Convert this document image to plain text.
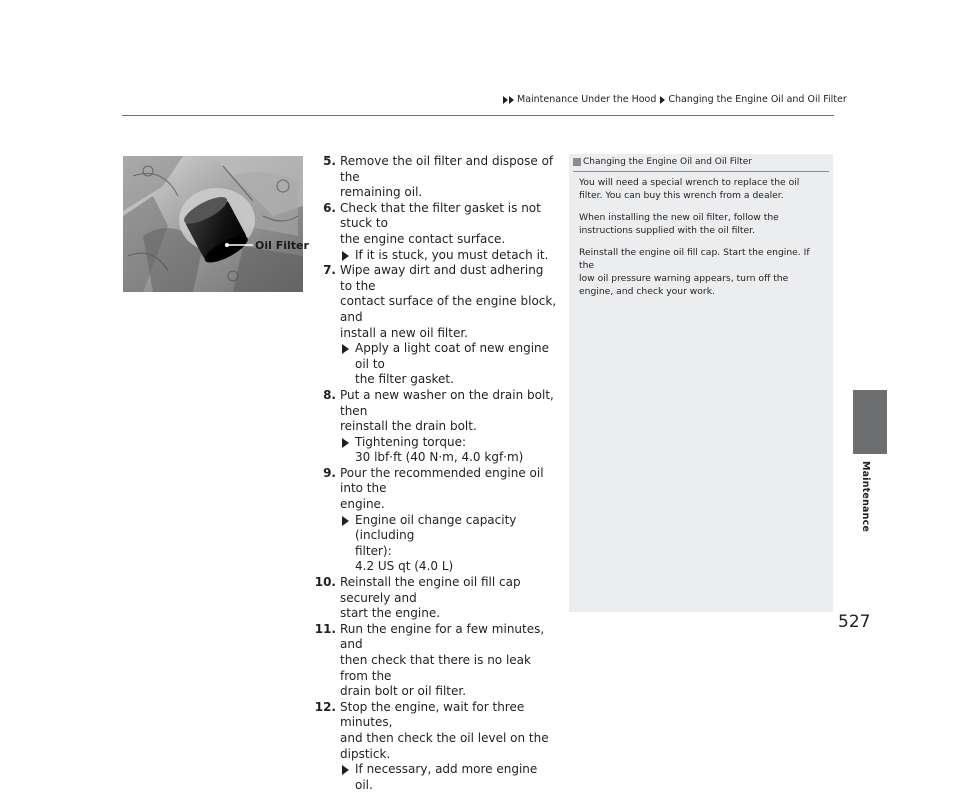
Maintenance Under the Hood Changing the Engine Oil and Oil Filter
Oil Filter
5. Remove the oil filter and dispose of the
remaining oil.
6. Check that the filter gasket is not stuck to
the engine contact surface.
If it is stuck, you must detach it.
7. Wipe away dirt and dust adhering to the
contact surface of the engine block, and
install a new oil filter.
Apply a light coat of new engine oil to
the filter gasket.
8. Put a new washer on the drain bolt, then
reinstall the drain bolt.
Tightening torque:
30 lbf·ft (40 N·m, 4.0 kgf·m)
9. Pour the recommended engine oil into the
engine.
Engine oil change capacity (including
filter):
4.2 US qt (4.0 L)
10. Reinstall the engine oil fill cap securely and
start the engine.
11. Run the engine for a few minutes, and
then check that there is no leak from the
drain bolt or oil filter.
12. Stop the engine, wait for three minutes,
and then check the oil level on the
dipstick.
If necessary, add more engine oil.
Changing the Engine Oil and Oil Filter

You will need a special wrench to replace the oil
filter. You can buy this wrench from a dealer.

When installing the new oil filter, follow the
instructions supplied with the oil filter.

Reinstall the engine oil fill cap. Start the engine. If the
low oil pressure warning appears, turn off the
engine, and check your work.

Maintenance
527
